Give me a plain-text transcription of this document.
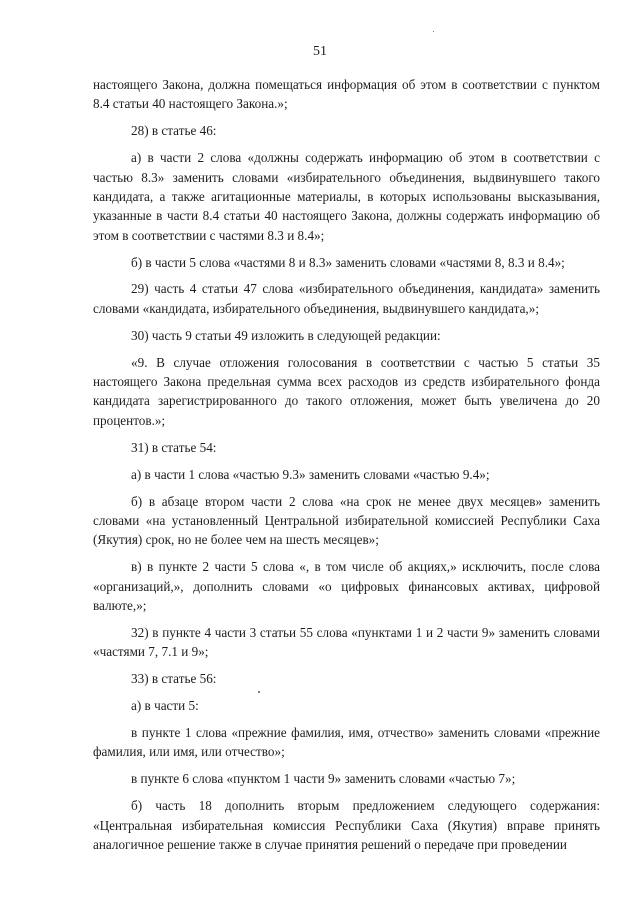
51

настоящего Закона, должна помещаться информация об этом в соответствии с пунктом 8.4 статьи 40 настоящего Закона.»;

28) в статье 46:

а) в части 2 слова «должны содержать информацию об этом в соответствии с частью 8.3» заменить словами «избирательного объединения, выдвинувшего такого кандидата, а также агитационные материалы, в которых использованы высказывания, указанные в части 8.4 статьи 40 настоящего Закона, должны содержать информацию об этом в соответствии с частями 8.3 и 8.4»;

б) в части 5 слова «частями 8 и 8.3» заменить словами «частями 8, 8.3 и 8.4»;

29) часть 4 статьи 47 слова «избирательного объединения, кандидата» заменить словами «кандидата, избирательного объединения, выдвинувшего кандидата,»;

30) часть 9 статьи 49 изложить в следующей редакции:

«9. В случае отложения голосования в соответствии с частью 5 статьи 35 настоящего Закона предельная сумма всех расходов из средств избирательного фонда кандидата зарегистрированного до такого отложения, может быть увеличена до 20 процентов.»;

31) в статье 54:

а) в части 1 слова «частью 9.3» заменить словами «частью 9.4»;

б) в абзаце втором части 2 слова «на срок не менее двух месяцев» заменить словами «на установленный Центральной избирательной комиссией Республики Саха (Якутия) срок, но не более чем на шесть месяцев»;

в) в пункте 2 части 5 слова «, в том числе об акциях,» исключить, после слова «организаций,», дополнить словами «о цифровых финансовых активах, цифровой валюте,»;

32) в пункте 4 части 3 статьи 55 слова «пунктами 1 и 2 части 9» заменить словами «частями 7, 7.1 и 9»;

33) в статье 56:

а) в части 5:

в пункте 1 слова «прежние фамилия, имя, отчество» заменить словами «прежние фамилия, или имя, или отчество»;

в пункте 6 слова «пунктом 1 части 9» заменить словами «частью 7»;

б) часть 18 дополнить вторым предложением следующего содержания: «Центральная избирательная комиссия Республики Саха (Якутия) вправе принять аналогичное решение также в случае принятия решений о передаче при проведении
